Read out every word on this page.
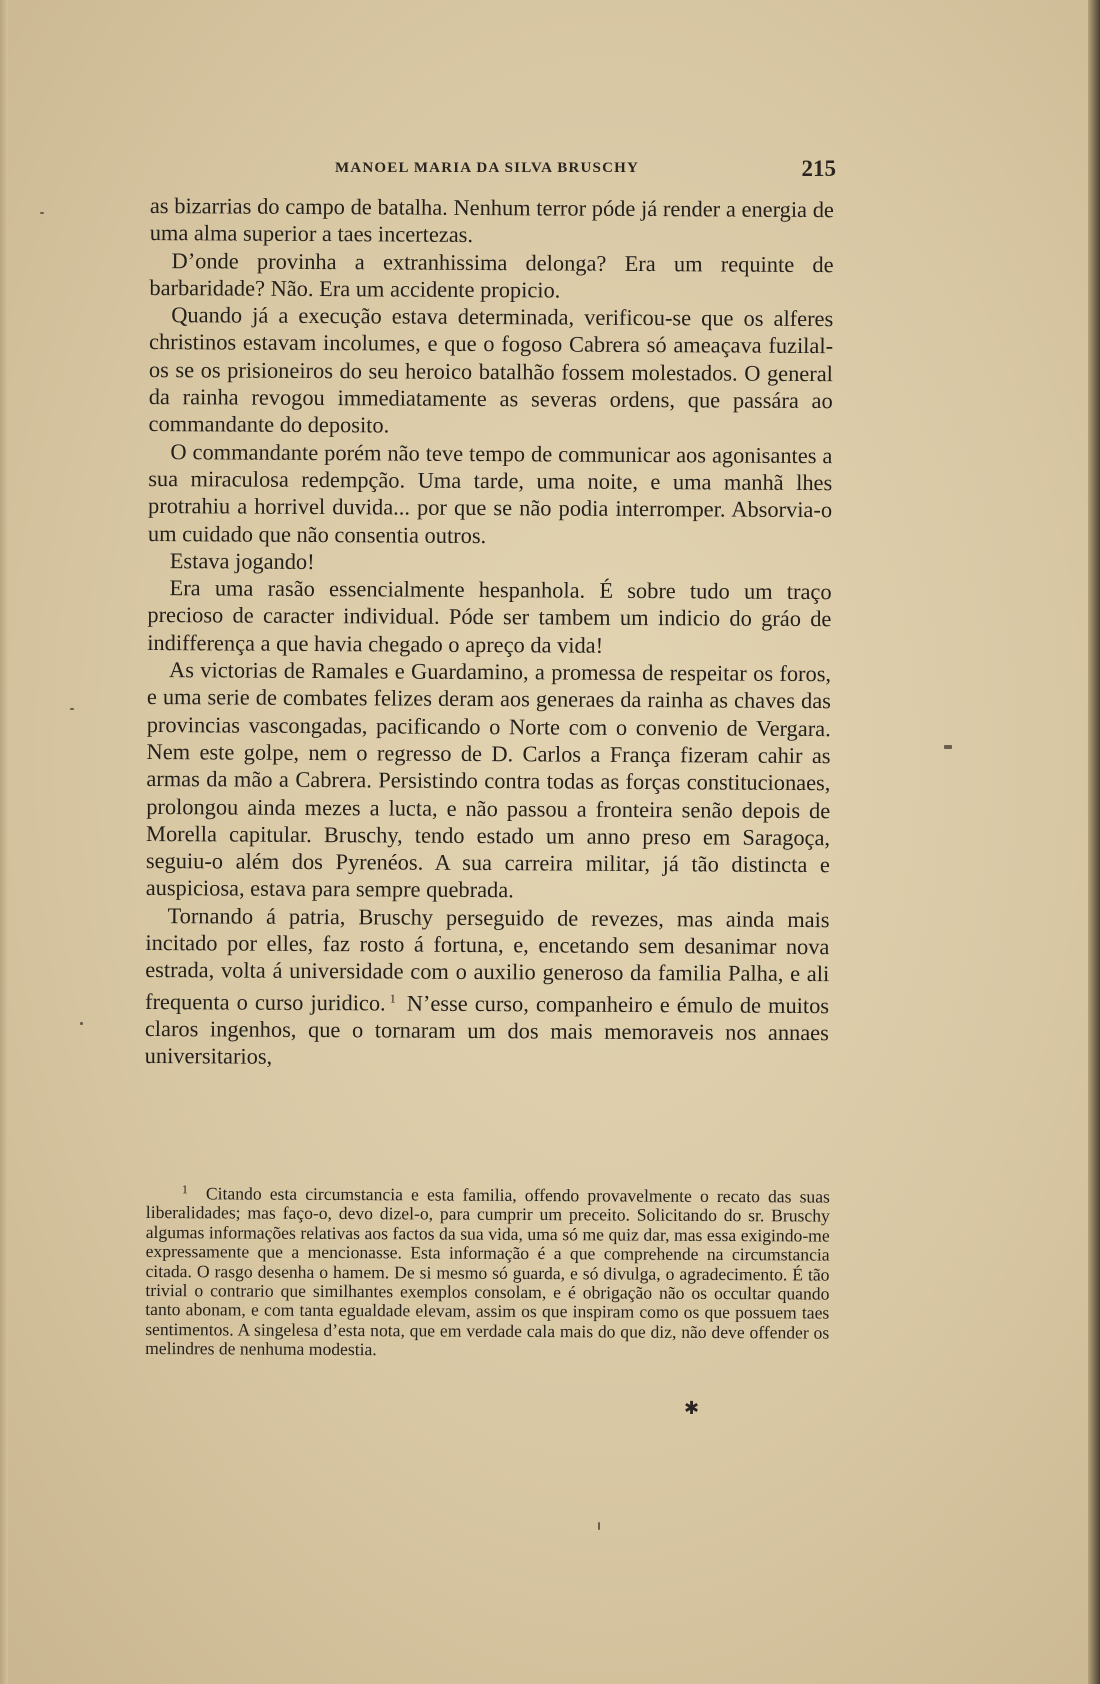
MANOEL MARIA DA SILVA BRUSCHY	215

as bizarrias do campo de batalha. Nenhum terror póde já render a energia de uma alma superior a taes incertezas.

D’onde provinha a extranhissima delonga? Era um requinte de barbaridade? Não. Era um accidente propicio.

Quando já a execução estava determinada, verificou-se que os alferes christinos estavam incolumes, e que o fogoso Cabrera só ameaçava fuzilal-os se os prisioneiros do seu heroico batalhão fossem molestados. O general da rainha revogou immediatamente as severas ordens, que passára ao commandante do deposito.

O commandante porém não teve tempo de communicar aos agonisantes a sua miraculosa redempção. Uma tarde, uma noite, e uma manhã lhes protrahiu a horrivel duvida... por que se não podia interromper. Absorvia-o um cuidado que não consentia outros.

Estava jogando!

Era uma rasão essencialmente hespanhola. É sobre tudo um traço precioso de caracter individual. Póde ser tambem um indicio do gráo de indifferença a que havia chegado o apreço da vida!

As victorias de Ramales e Guardamino, a promessa de respeitar os foros, e uma serie de combates felizes deram aos generaes da rainha as chaves das provincias vascongadas, pacificando o Norte com o convenio de Vergara. Nem este golpe, nem o regresso de D. Carlos a França fizeram cahir as armas da mão a Cabrera. Persistindo contra todas as forças constitucionaes, prolongou ainda mezes a lucta, e não passou a fronteira senão depois de Morella capitular. Bruschy, tendo estado um anno preso em Saragoça, seguiu-o além dos Pyrenéos. A sua carreira militar, já tão distincta e auspiciosa, estava para sempre quebrada.

Tornando á patria, Bruschy perseguido de revezes, mas ainda mais incitado por elles, faz rosto á fortuna, e, encetando sem desanimar nova estrada, volta á universidade com o auxilio generoso da familia Palha, e ali frequenta o curso juridico. $^1$ N’esse curso, companheiro e émulo de muitos claros ingenhos, que o tornaram um dos mais memoraveis nos annaes universitarios,

$^1$ Citando esta circumstancia e esta familia, offendo provavelmente o recato das suas liberalidades; mas faço-o, devo dizel-o, para cumprir um preceito. Solicitando do sr. Bruschy algumas informações relativas aos factos da sua vida, uma só me quiz dar, mas essa exigindo-me expressamente que a mencionasse. Esta informação é a que comprehende na circumstancia citada. O rasgo desenha o hamem. De si mesmo só guarda, e só divulga, o agradecimento. É tão trivial o contrario que similhantes exemplos consolam, e é obrigação não os occultar quando tanto abonam, e com tanta egualdade elevam, assim os que inspiram como os que possuem taes sentimentos. A singelesa d’esta nota, que em verdade cala mais do que diz, não deve offender os melindres de nenhuma modestia.

✱
